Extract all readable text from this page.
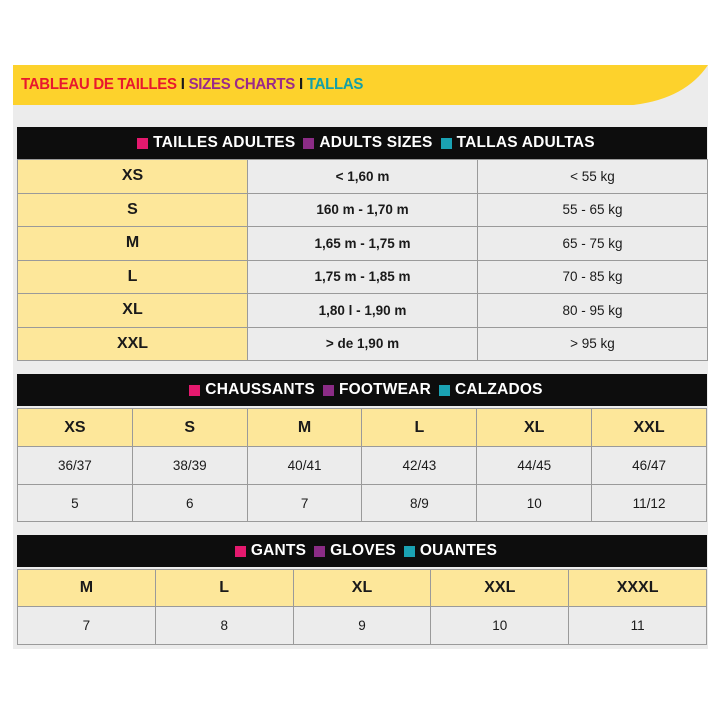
TABLEAU DE TAILLES I SIZES CHARTS I TALLAS
TAILLES ADULTES ADULTS SIZES TALLAS ADULTAS
XS	< 1,60 m	< 55 kg
S	160 m - 1,70 m	55 - 65 kg
M	1,65 m - 1,75 m	65 - 75 kg
L	1,75 m - 1,85 m	70 - 85 kg
XL	1,80 l - 1,90 m	80 - 95 kg
XXL	> de 1,90 m	> 95 kg
CHAUSSANTS FOOTWEAR CALZADOS
XS	S	M	L	XL	XXL
36/37	38/39	40/41	42/43	44/45	46/47
5	6	7	8/9	10	11/12
GANTS GLOVES OUANTES
M	L	XL	XXL	XXXL
7	8	9	10	11
